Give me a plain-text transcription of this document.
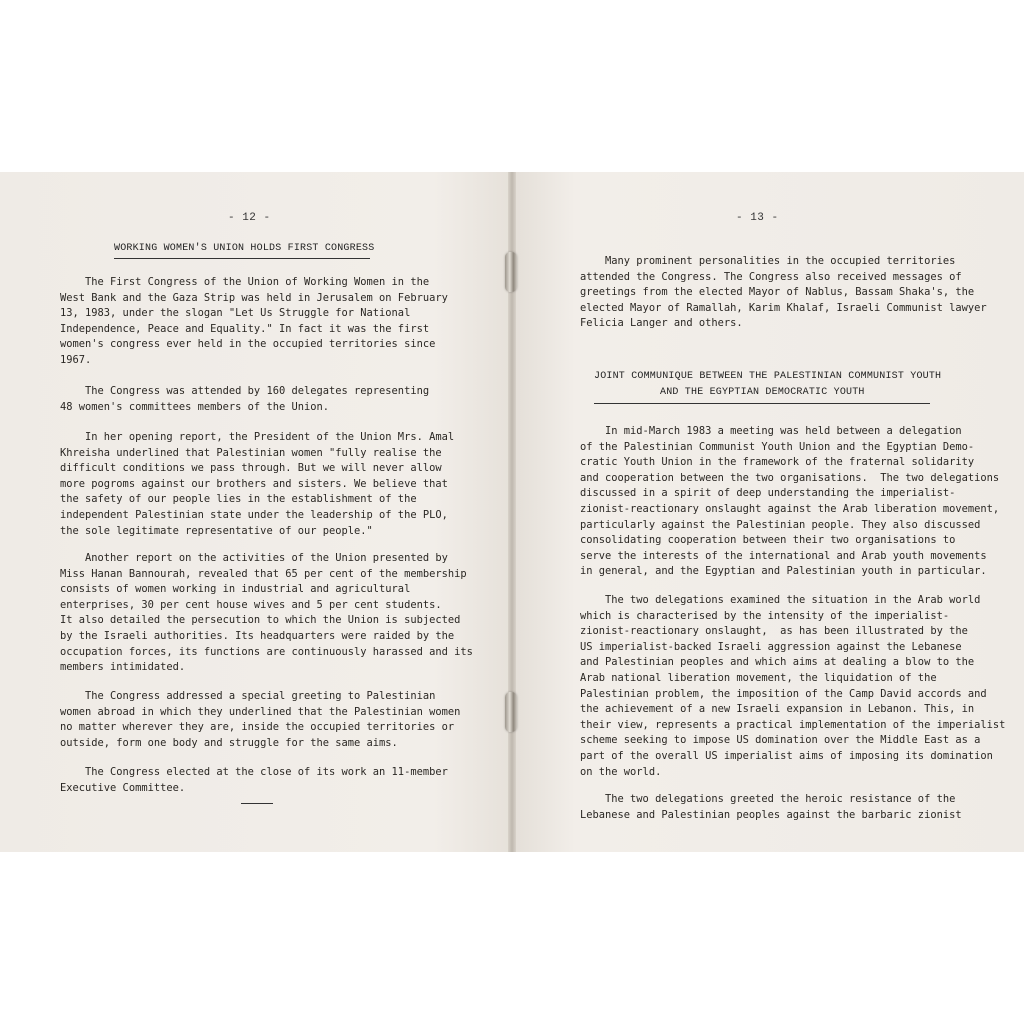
- 12 -
WORKING WOMEN'S UNION HOLDS FIRST CONGRESS
The First Congress of the Union of Working Women in the
West Bank and the Gaza Strip was held in Jerusalem on February
13, 1983, under the slogan "Let Us Struggle for National
Independence, Peace and Equality." In fact it was the first
women's congress ever held in the occupied territories since
1967.
The Congress was attended by 160 delegates representing
48 women's committees members of the Union.
In her opening report, the President of the Union Mrs. Amal
Khreisha underlined that Palestinian women "fully realise the
difficult conditions we pass through. But we will never allow
more pogroms against our brothers and sisters. We believe that
the safety of our people lies in the establishment of the
independent Palestinian state under the leadership of the PLO,
the sole legitimate representative of our people."
Another report on the activities of the Union presented by
Miss Hanan Bannourah, revealed that 65 per cent of the membership
consists of women working in industrial and agricultural
enterprises, 30 per cent house wives and 5 per cent students.
It also detailed the persecution to which the Union is subjected
by the Israeli authorities. Its headquarters were raided by the
occupation forces, its functions are continuously harassed and its
members intimidated.
The Congress addressed a special greeting to Palestinian
women abroad in which they underlined that the Palestinian women
no matter wherever they are, inside the occupied territories or
outside, form one body and struggle for the same aims.
The Congress elected at the close of its work an 11-member
Executive Committee.
- 13 -
Many prominent personalities in the occupied territories
attended the Congress. The Congress also received messages of
greetings from the elected Mayor of Nablus, Bassam Shaka's, the
elected Mayor of Ramallah, Karim Khalaf, Israeli Communist lawyer
Felicia Langer and others.
JOINT COMMUNIQUE BETWEEN THE PALESTINIAN COMMUNIST YOUTH
AND THE EGYPTIAN DEMOCRATIC YOUTH
In mid-March 1983 a meeting was held between a delegation
of the Palestinian Communist Youth Union and the Egyptian Demo-
cratic Youth Union in the framework of the fraternal solidarity
and cooperation between the two organisations.  The two delegations
discussed in a spirit of deep understanding the imperialist-
zionist-reactionary onslaught against the Arab liberation movement,
particularly against the Palestinian people. They also discussed
consolidating cooperation between their two organisations to
serve the interests of the international and Arab youth movements
in general, and the Egyptian and Palestinian youth in particular.
The two delegations examined the situation in the Arab world
which is characterised by the intensity of the imperialist-
zionist-reactionary onslaught,  as has been illustrated by the
US imperialist-backed Israeli aggression against the Lebanese
and Palestinian peoples and which aims at dealing a blow to the
Arab national liberation movement, the liquidation of the
Palestinian problem, the imposition of the Camp David accords and
the achievement of a new Israeli expansion in Lebanon. This, in
their view, represents a practical implementation of the imperialist
scheme seeking to impose US domination over the Middle East as a
part of the overall US imperialist aims of imposing its domination
on the world.
The two delegations greeted the heroic resistance of the
Lebanese and Palestinian peoples against the barbaric zionist
